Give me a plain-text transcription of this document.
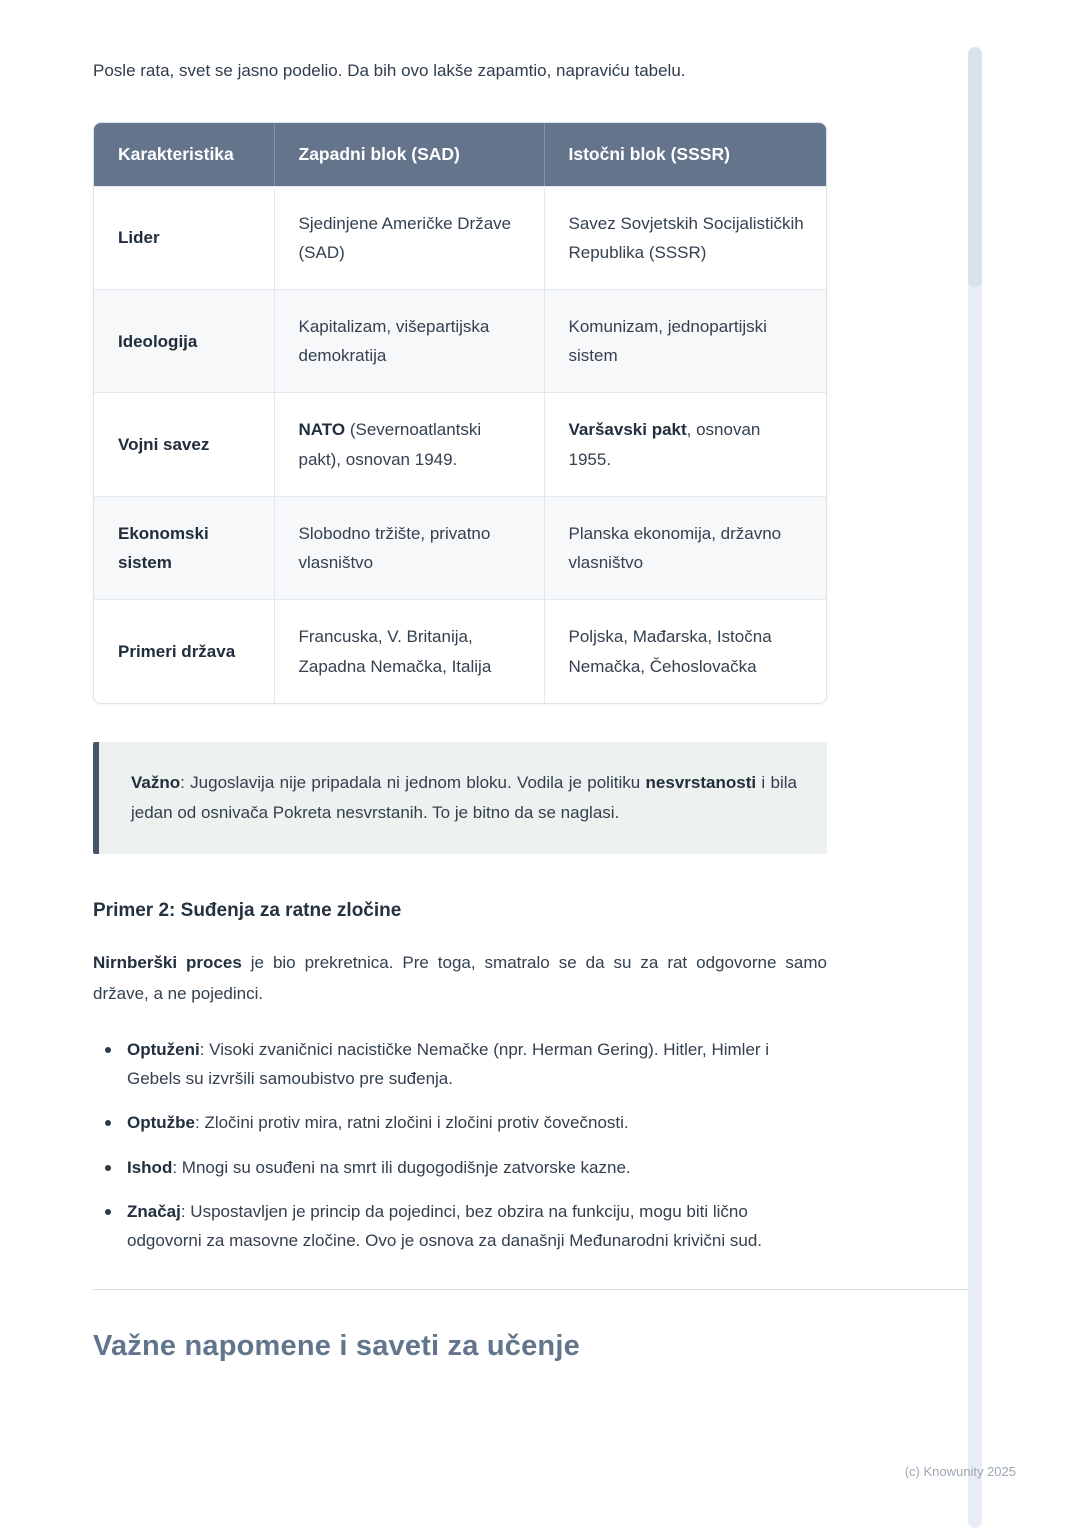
Posle rata, svet se jasno podelio. Da bih ovo lakše zapamtio, napraviću tabelu.

Karakteristika	Zapadni blok (SAD)	Istočni blok (SSSR)
Lider	Sjedinjene Američke Države (SAD)	Savez Sovjetskih Socijalističkih Republika (SSSR)
Ideologija	Kapitalizam, višepartijska demokratija	Komunizam, jednopartijski sistem
Vojni savez	NATO (Severnoatlantski pakt), osnovan 1949.	Varšavski pakt, osnovan 1955.
Ekonomski sistem	Slobodno tržište, privatno vlasništvo	Planska ekonomija, državno vlasništvo
Primeri država	Francuska, V. Britanija, Zapadna Nemačka, Italija	Poljska, Mađarska, Istočna Nemačka, Čehoslovačka

Važno: Jugoslavija nije pripadala ni jednom bloku. Vodila je politiku nesvrstanosti i bila jedan od osnivača Pokreta nesvrstanih. To je bitno da se naglasi.

Primer 2: Suđenja za ratne zločine

Nirnberški proces je bio prekretnica. Pre toga, smatralo se da su za rat odgovorne samo države, a ne pojedinci.

Optuženi: Visoki zvaničnici nacističke Nemačke (npr. Herman Gering). Hitler, Himler i Gebels su izvršili samoubistvo pre suđenja.
Optužbe: Zločini protiv mira, ratni zločini i zločini protiv čovečnosti.
Ishod: Mnogi su osuđeni na smrt ili dugogodišnje zatvorske kazne.
Značaj: Uspostavljen je princip da pojedinci, bez obzira na funkciju, mogu biti lično odgovorni za masovne zločine. Ovo je osnova za današnji Međunarodni krivični sud.
Važne napomene i saveti za učenje
(c) Knowunity 2025
